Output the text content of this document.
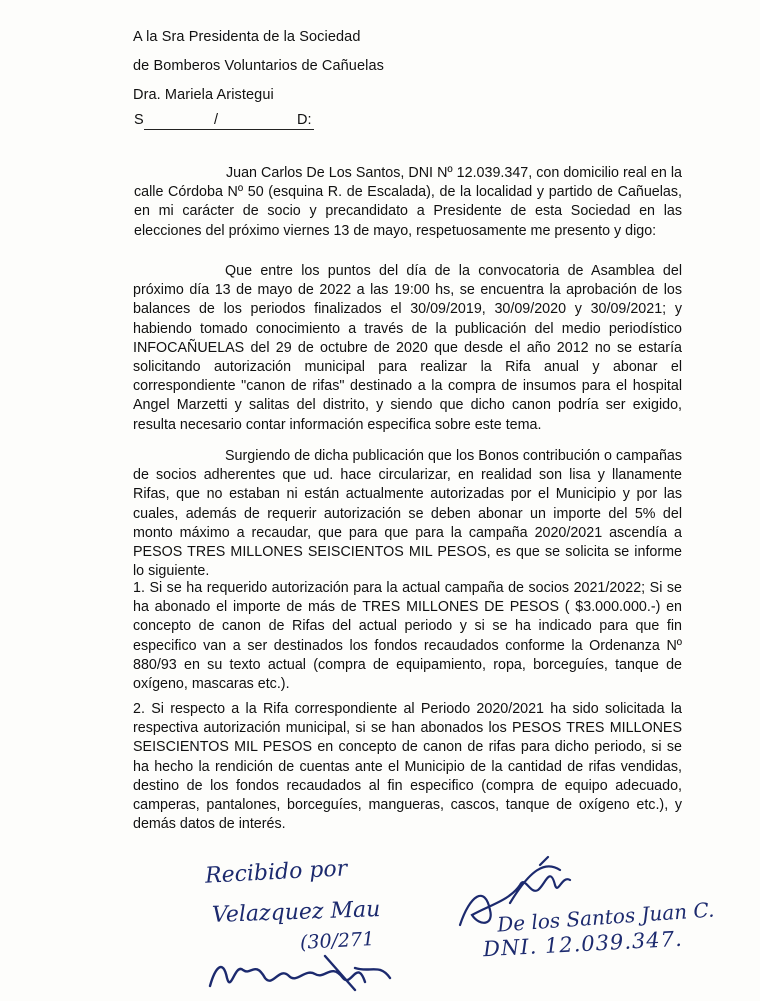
A la Sra Presidenta de la Sociedad
de Bomberos Voluntarios de Cañuelas
Dra. Mariela Aristegui
S	/	D:
Juan Carlos De Los Santos, DNI Nº 12.039.347, con domicilio real en la calle Córdoba Nº 50 (esquina R. de Escalada), de la localidad y partido de Cañuelas, en mi carácter de socio y precandidato a Presidente de esta Sociedad en las elecciones del próximo viernes 13 de mayo, respetuosamente me presento y digo:
Que entre los puntos del día de la convocatoria de Asamblea del próximo día 13 de mayo de 2022 a las 19:00 hs, se encuentra la aprobación de los balances de los periodos finalizados el 30/09/2019, 30/09/2020 y 30/09/2021; y habiendo tomado conocimiento a través de la publicación del medio periodístico INFOCAÑUELAS del 29 de octubre de 2020 que desde el año 2012 no se estaría solicitando autorización municipal para realizar la Rifa anual y abonar el correspondiente "canon de rifas" destinado a la compra de insumos para el hospital Angel Marzetti y salitas del distrito, y siendo que dicho canon podría ser exigido, resulta necesario contar información especifica sobre este tema.
Surgiendo de dicha publicación que los Bonos contribución o campañas de socios adherentes que ud. hace circularizar, en realidad son lisa y llanamente Rifas, que no estaban ni están actualmente autorizadas por el Municipio y por las cuales, además de requerir autorización se deben abonar un importe del 5% del monto máximo a recaudar, que para que para la campaña 2020/2021 ascendía a PESOS TRES MILLONES SEISCIENTOS MIL PESOS, es que se solicita se informe lo siguiente.
1. Si se ha requerido autorización para la actual campaña de socios 2021/2022; Si se ha abonado el importe de más de TRES MILLONES DE PESOS ( $3.000.000.-) en concepto de canon de Rifas del actual periodo y si se ha indicado para que fin especifico van a ser destinados los fondos recaudados conforme la Ordenanza Nº 880/93 en su texto actual (compra de equipamiento, ropa, borceguíes, tanque de oxígeno, mascaras etc.).
2. Si respecto a la Rifa correspondiente al Periodo 2020/2021 ha sido solicitada la respectiva autorización municipal, si se han abonados los PESOS TRES MILLONES SEISCIENTOS MIL PESOS en concepto de canon de rifas para dicho periodo, si se ha hecho la rendición de cuentas ante el Municipio de la cantidad de rifas vendidas, destino de los fondos recaudados al fin especifico (compra de equipo adecuado, camperas, pantalones, borceguíes, mangueras, cascos, tanque de oxígeno etc.), y demás datos de interés.
Recibido por
Velazquez Mau
(30/271
De los Santos Juan C.
DNI. 12.039.347.
